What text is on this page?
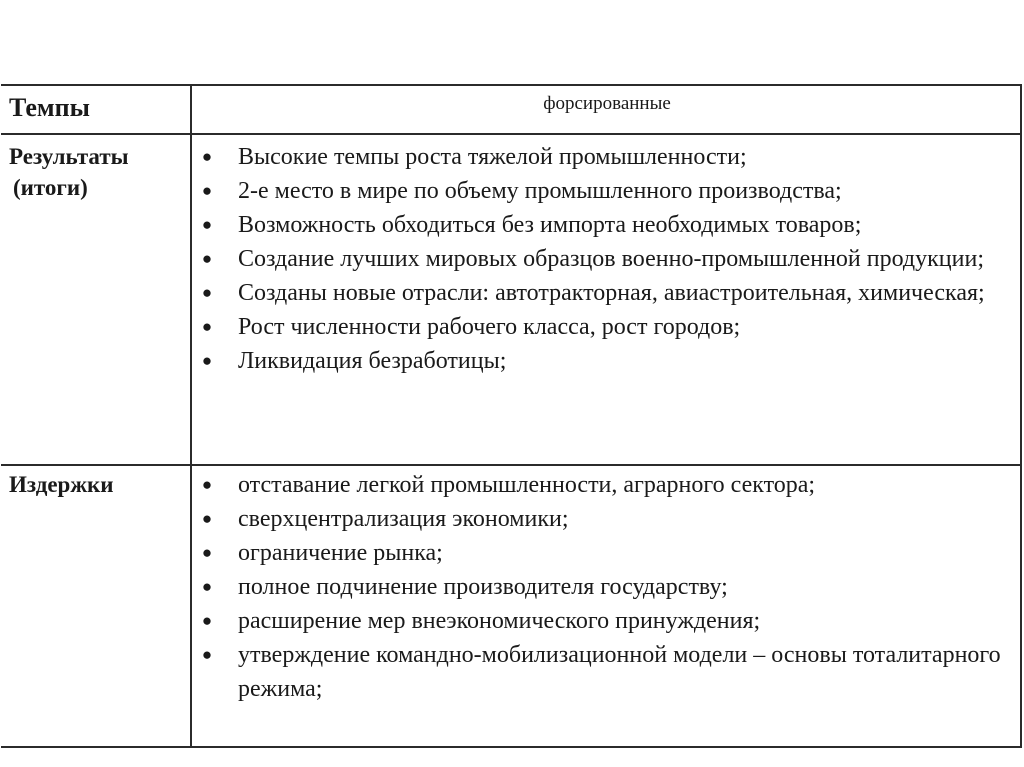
Темпы	форсированные
Результаты
(итоги)
● Высокие темпы роста тяжелой промышленности;
● 2-е место в мире по объему промышленного производства;
● Возможность обходиться без импорта необходимых товаров;
● Создание лучших мировых образцов военно-промышленной продукции;
● Созданы новые отрасли: автотракторная, авиастроительная, химическая;
● Рост численности рабочего класса, рост городов;
● Ликвидация безработицы;
Издержки	● отставание легкой промышленности, аграрного сектора;
● сверхцентрализация экономики;
● ограничение рынка;
● полное подчинение производителя государству;
● расширение мер внеэкономического принуждения;
● утверждение командно-мобилизационной модели – основы тоталитарного режима;
